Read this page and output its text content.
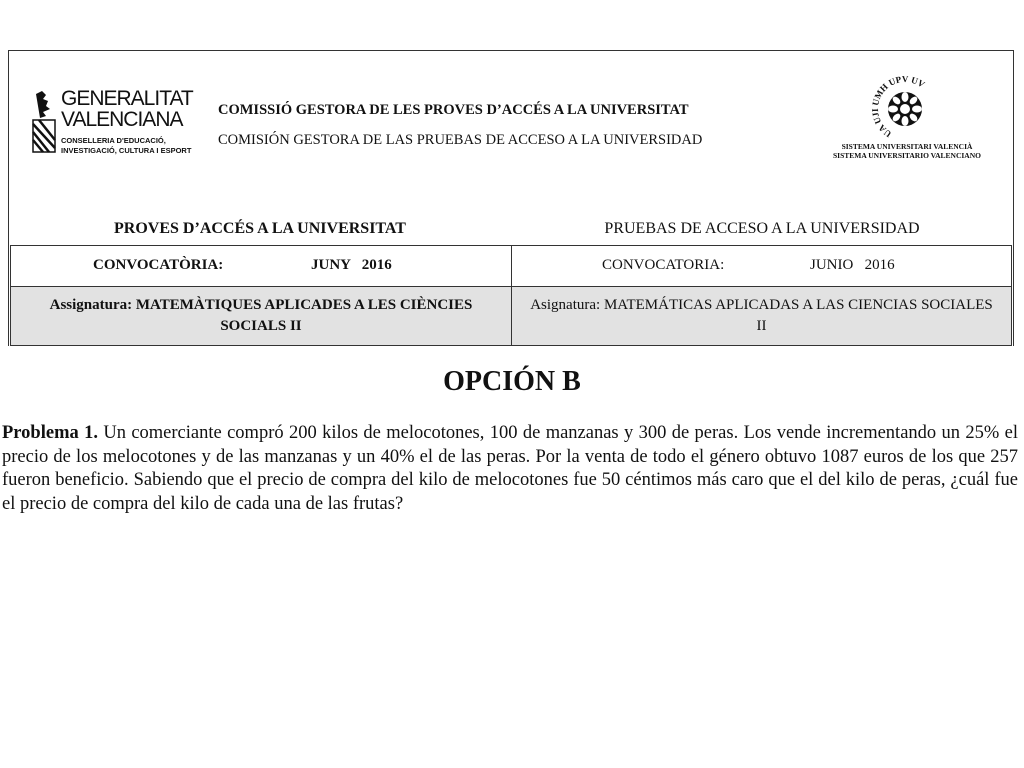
GENERALITAT
VALENCIANA
CONSELLERIA D'EDUCACIÓ,
INVESTIGACIÓ, CULTURA I ESPORT
COMISSIÓ GESTORA DE LES PROVES D’ACCÉS A LA UNIVERSITAT
COMISIÓN GESTORA DE LAS PRUEBAS DE ACCESO A LA UNIVERSIDAD	UA UJI UMH UPV UV
SISTEMA UNIVERSITARI VALENCIÀ
SISTEMA UNIVERSITARIO VALENCIANO
PROVES D’ACCÉS A LA UNIVERSITAT	PRUEBAS DE ACCESO A LA UNIVERSIDAD
CONVOCATÒRIA: JUNY   2016	CONVOCATORIA: JUNIO   2016

Assignatura: MATEMÀTIQUES APLICADES A LES CIÈNCIES SOCIALS II	Asignatura: MATEMÁTICAS APLICADAS A LAS CIENCIAS SOCIALES II
OPCIÓN B

Problema 1. Un comerciante compró 200 kilos de melocotones, 100 de manzanas y 300 de peras. Los vende incrementando un 25% el precio de los melocotones y de las manzanas y un 40% el de las peras. Por la venta de todo el género obtuvo 1087 euros de los que 257 fueron beneficio. Sabiendo que el precio de compra del kilo de melocotones fue 50 céntimos más caro que el del kilo de peras, ¿cuál fue el precio de compra del kilo de cada una de las frutas?
